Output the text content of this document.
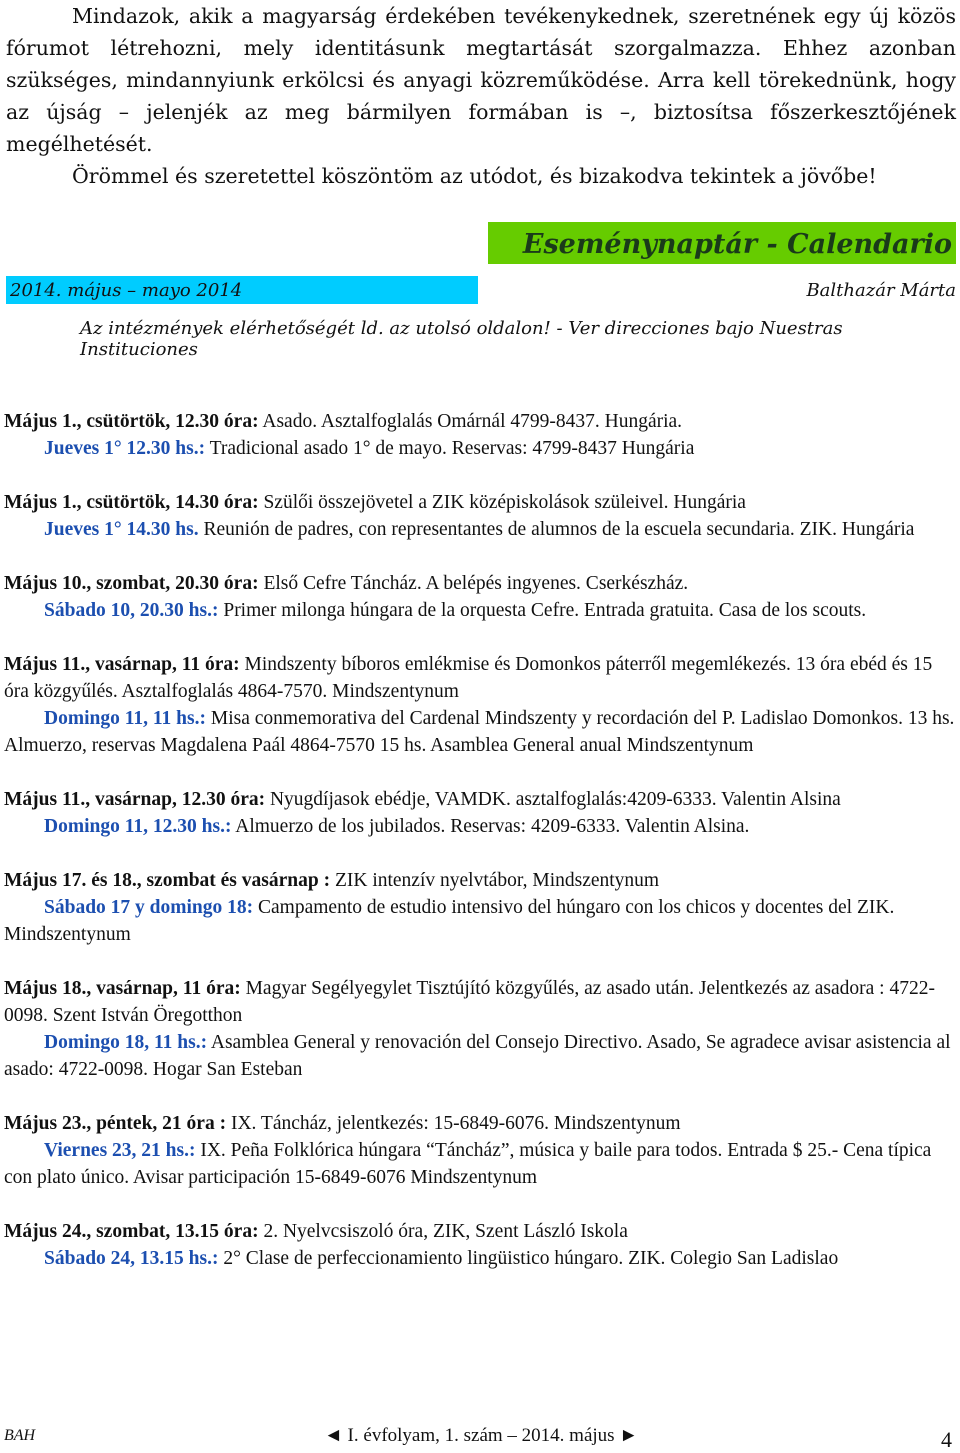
Mindazok, akik a magyarság érdekében tevékenykednek, szeretnének egy új közös fórumot létrehozni, mely identitásunk megtartását szorgalmazza. Ehhez azonban szükséges, mindannyiunk erkölcsi és anyagi közreműködése. Arra kell törekednünk, hogy az újság – jelenjék az meg bármilyen formában is –, biztosítsa főszerkesztőjének megélhetését.

Örömmel és szeretettel köszöntöm az utódot, és bizakodva tekintek a jövőbe!

Eseménynaptár - Calendario
2014. május – mayo 2014	Balthazár Márta
Az intézmények elérhetőségét ld. az utolsó oldalon! - Ver direcciones bajo Nuestras Instituciones
Május 1., csütörtök, 12.30 óra: Asado. Asztalfoglalás Omárnál 4799-8437. Hungária.
Jueves 1° 12.30 hs.: Tradicional asado 1° de mayo. Reservas: 4799-8437 Hungária
Május 1., csütörtök, 14.30 óra: Szülői összejövetel a ZIK középiskolások szüleivel. Hungária
Jueves 1° 14.30 hs. Reunión de padres, con representantes de alumnos de la escuela secundaria. ZIK. Hungária
Május 10., szombat, 20.30 óra: Első Cefre Táncház. A belépés ingyenes. Cserkészház.
Sábado 10, 20.30 hs.: Primer milonga húngara de la orquesta Cefre. Entrada gratuita. Casa de los scouts.
Május 11., vasárnap, 11 óra: Mindszenty bíboros emlékmise és Domonkos páterről megemlékezés. 13 óra ebéd és 15 óra közgyűlés. Asztalfoglalás 4864-7570. Mindszentynum
Domingo 11, 11 hs.: Misa conmemorativa del Cardenal Mindszenty y recordación del P. Ladislao Domonkos. 13 hs. Almuerzo, reservas Magdalena Paál 4864-7570 15 hs. Asamblea General anual Mindszentynum
Május 11., vasárnap, 12.30 óra: Nyugdíjasok ebédje, VAMDK. asztalfoglalás:4209-6333. Valentin Alsina
Domingo 11, 12.30 hs.: Almuerzo de los jubilados. Reservas: 4209-6333. Valentin Alsina.
Május 17. és 18., szombat és vasárnap : ZIK intenzív nyelvtábor, Mindszentynum
Sábado 17 y domingo 18: Campamento de estudio intensivo del húngaro con los chicos y docentes del ZIK. Mindszentynum
Május 18., vasárnap, 11 óra: Magyar Segélyegylet Tisztújító közgyűlés, az asado után. Jelentkezés az asadora : 4722-0098. Szent István Öregotthon
Domingo 18, 11 hs.: Asamblea General y renovación del Consejo Directivo. Asado, Se agradece avisar asistencia al asado: 4722-0098. Hogar San Esteban
Május 23., péntek, 21 óra : IX. Táncház, jelentkezés: 15-6849-6076. Mindszentynum
Viernes 23, 21 hs.: IX. Peña Folklórica húngara “Táncház”, música y baile para todos. Entrada $ 25.- Cena típica con plato único. Avisar participación 15-6849-6076 Mindszentynum
Május 24., szombat, 13.15 óra: 2. Nyelvcsiszoló óra, ZIK, Szent László Iskola
Sábado 24, 13.15 hs.: 2° Clase de perfeccionamiento lingüistico húngaro. ZIK. Colegio San Ladislao
BAH	◄ I. évfolyam, 1. szám – 2014. május ►	4
